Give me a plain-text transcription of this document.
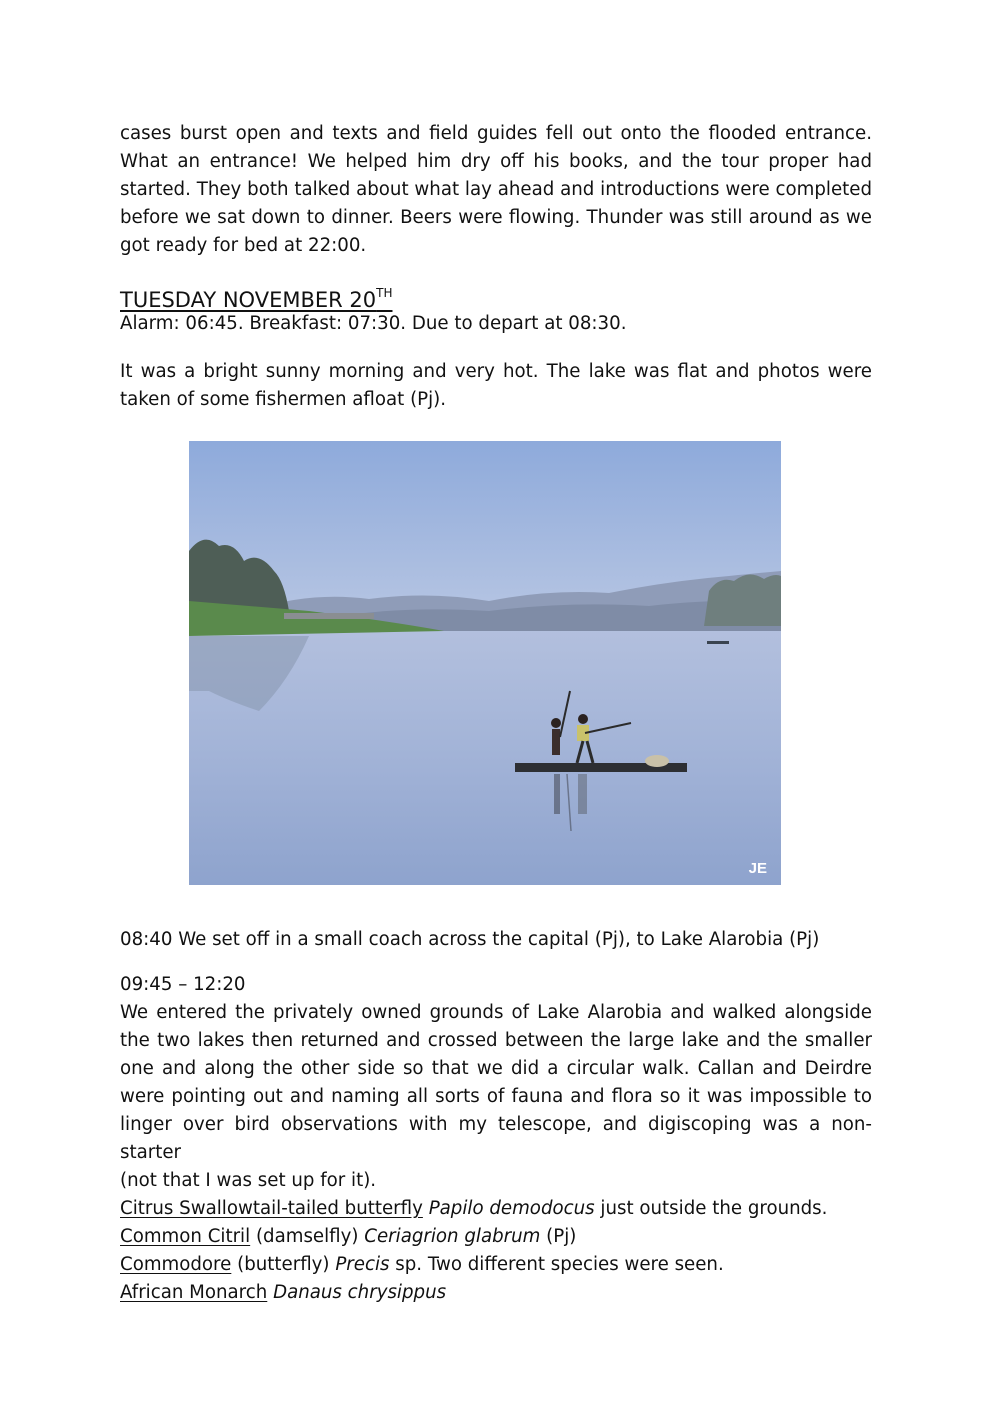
cases burst open and texts and field guides fell out onto the flooded entrance.

What an entrance! We helped him dry off his books, and the tour proper had

started. They both talked about what lay ahead and introductions were completed

before we sat down to dinner. Beers were flowing. Thunder was still around as we

got ready for bed at 22:00.

TUESDAY NOVEMBER 20TH

Alarm: 06:45. Breakfast: 07:30. Due to depart at 08:30.

It was a bright sunny morning and very hot. The lake was flat and photos were

taken of some fishermen afloat (Pj).

JE

08:40 We set off in a small coach across the capital (Pj), to Lake Alarobia (Pj)

09:45 – 12:20

We entered the privately owned grounds of Lake Alarobia and walked alongside

the two lakes then returned and crossed between the large lake and the smaller

one and along the other side so that we did a circular walk. Callan and Deirdre

were pointing out and naming all sorts of fauna and flora so it was impossible to

linger over bird observations with my telescope, and digiscoping was a non-starter

(not that I was set up for it).

Citrus Swallowtail-tailed butterfly Papilo demodocus just outside the grounds.

Common Citril (damselfly) Ceriagrion glabrum (Pj)

Commodore (butterfly) Precis sp. Two different species were seen.

African Monarch Danaus chrysippus
